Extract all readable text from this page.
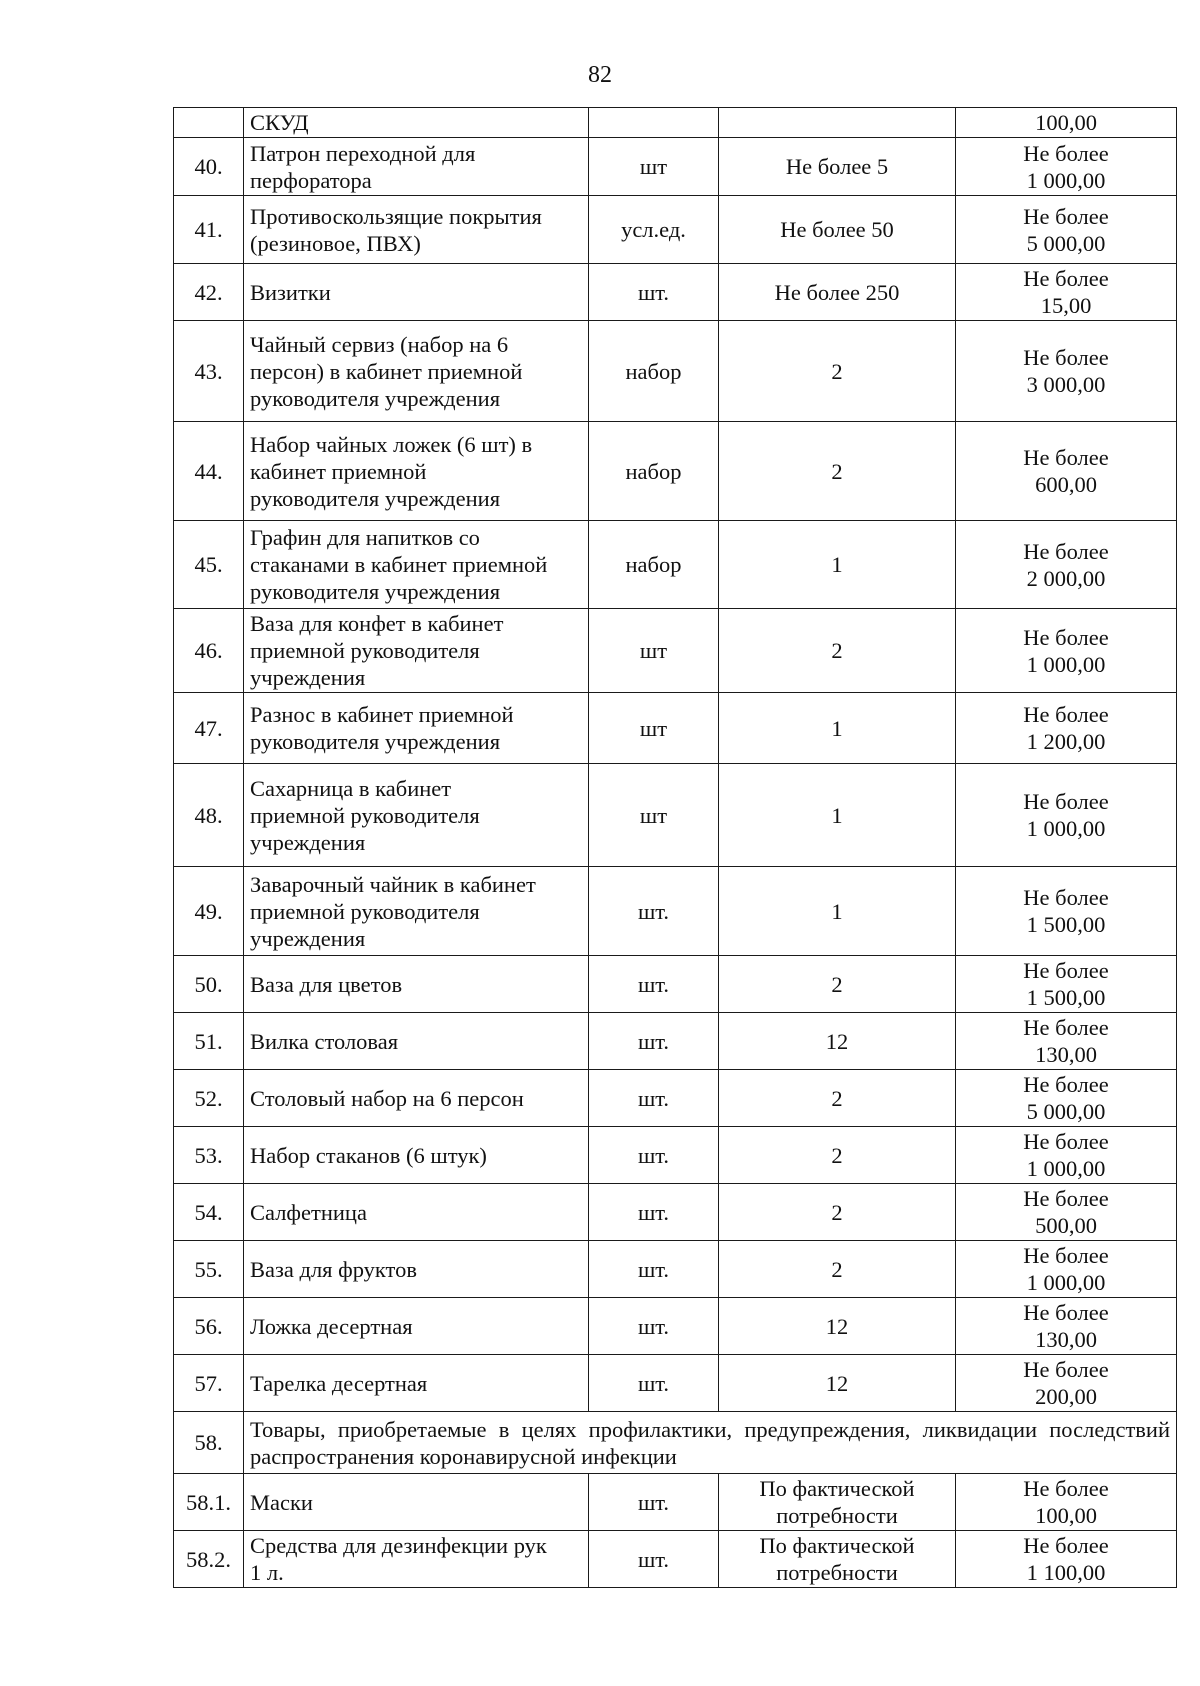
82
	СКУД			100,00
40.	Патрон переходной для
перфоратора	шт	Не более 5	Не более
1 000,00
41.	Противоскользящие покрытия
(резиновое, ПВХ)	усл.ед.	Не более 50	Не более
5 000,00
42.	Визитки	шт.	Не более 250	Не более
15,00
43.	Чайный сервиз (набор на 6
персон) в кабинет приемной
руководителя учреждения	набор	2	Не более
3 000,00
44.	Набор чайных ложек (6 шт) в
кабинет приемной
руководителя учреждения	набор	2	Не более
600,00
45.	Графин для напитков со
стаканами в кабинет приемной
руководителя учреждения	набор	1	Не более
2 000,00
46.	Ваза для конфет в кабинет
приемной руководителя
учреждения	шт	2	Не более
1 000,00
47.	Разнос в кабинет приемной
руководителя учреждения	шт	1	Не более
1 200,00
48.	Сахарница в кабинет
приемной руководителя
учреждения	шт	1	Не более
1 000,00
49.	Заварочный чайник в кабинет
приемной руководителя
учреждения	шт.	1	Не более
1 500,00
50.	Ваза для цветов	шт.	2	Не более
1 500,00
51.	Вилка столовая	шт.	12	Не более
130,00
52.	Столовый набор на 6 персон	шт.	2	Не более
5 000,00
53.	Набор стаканов (6 штук)	шт.	2	Не более
1 000,00
54.	Салфетница	шт.	2	Не более
500,00
55.	Ваза для фруктов	шт.	2	Не более
1 000,00
56.	Ложка десертная	шт.	12	Не более
130,00
57.	Тарелка десертная	шт.	12	Не более
200,00
58.	Товары, приобретаемые в целях профилактики, предупреждения, ликвидации последствий распространения коронавирусной инфекции			
58.1.	Маски	шт.	По фактической
потребности	Не более
100,00
58.2.	Средства для дезинфекции рук
1 л.	шт.	По фактической
потребности	Не более
1 100,00
